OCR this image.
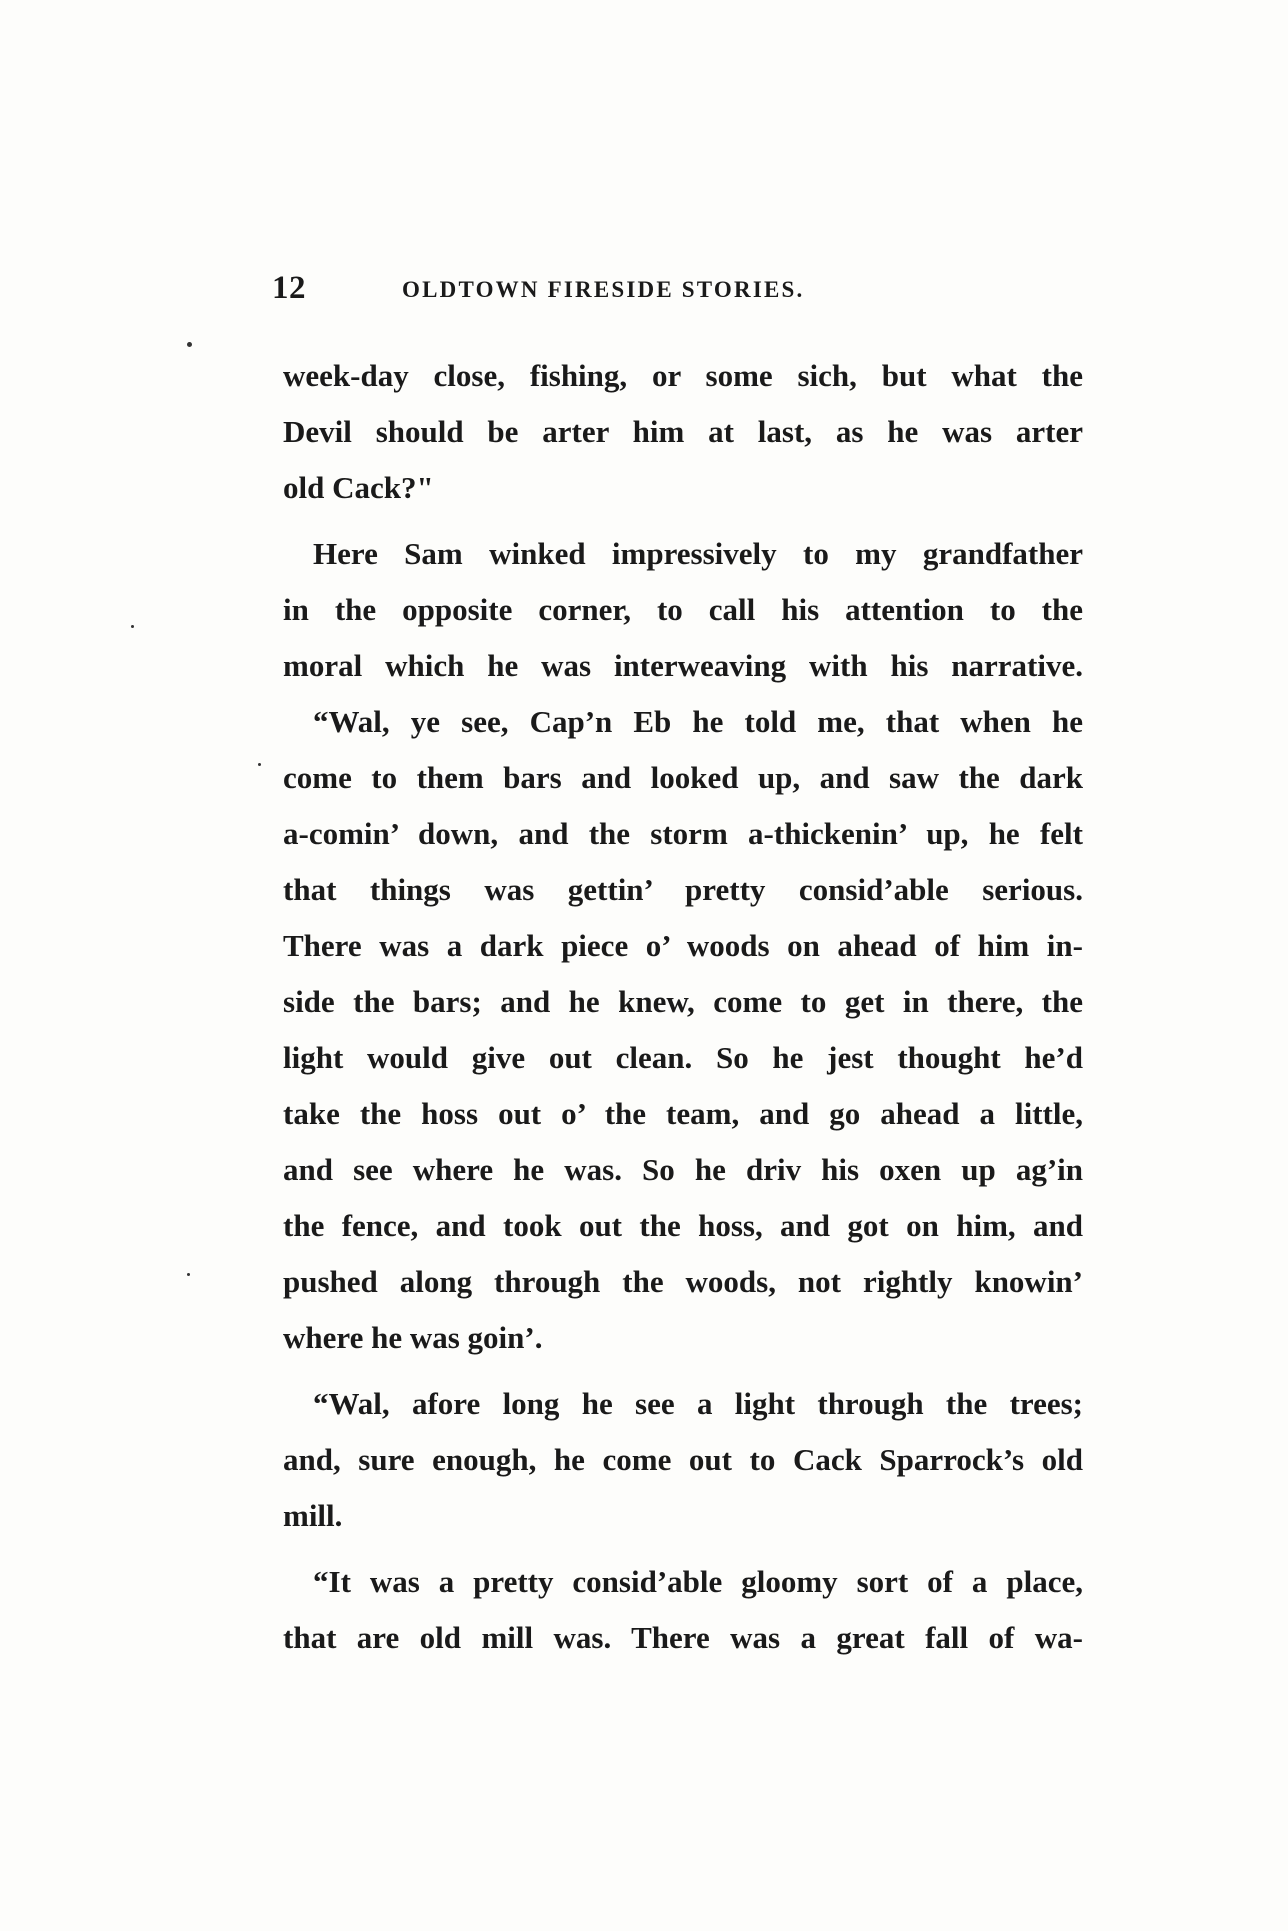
12	OLDTOWN FIRESIDE STORIES.
week-day close, fishing, or some sich, but what the
Devil should be arter him at last, as he was arter
old Cack?"
Here Sam winked impressively to my grandfather
in the opposite corner, to call his attention to the
moral which he was interweaving with his narrative.
“Wal, ye see, Cap’n Eb he told me, that when he
come to them bars and looked up, and saw the dark
a-comin’ down, and the storm a-thickenin’ up, he felt
that things was gettin’ pretty consid’able serious.
There was a dark piece o’ woods on ahead of him in-
side the bars; and he knew, come to get in there, the
light would give out clean. So he jest thought he’d
take the hoss out o’ the team, and go ahead a little,
and see where he was. So he driv his oxen up ag’in
the fence, and took out the hoss, and got on him, and
pushed along through the woods, not rightly knowin’
where he was goin’.
“Wal, afore long he see a light through the trees;
and, sure enough, he come out to Cack Sparrock’s old
mill.
“It was a pretty consid’able gloomy sort of a place,
that are old mill was. There was a great fall of wa-
